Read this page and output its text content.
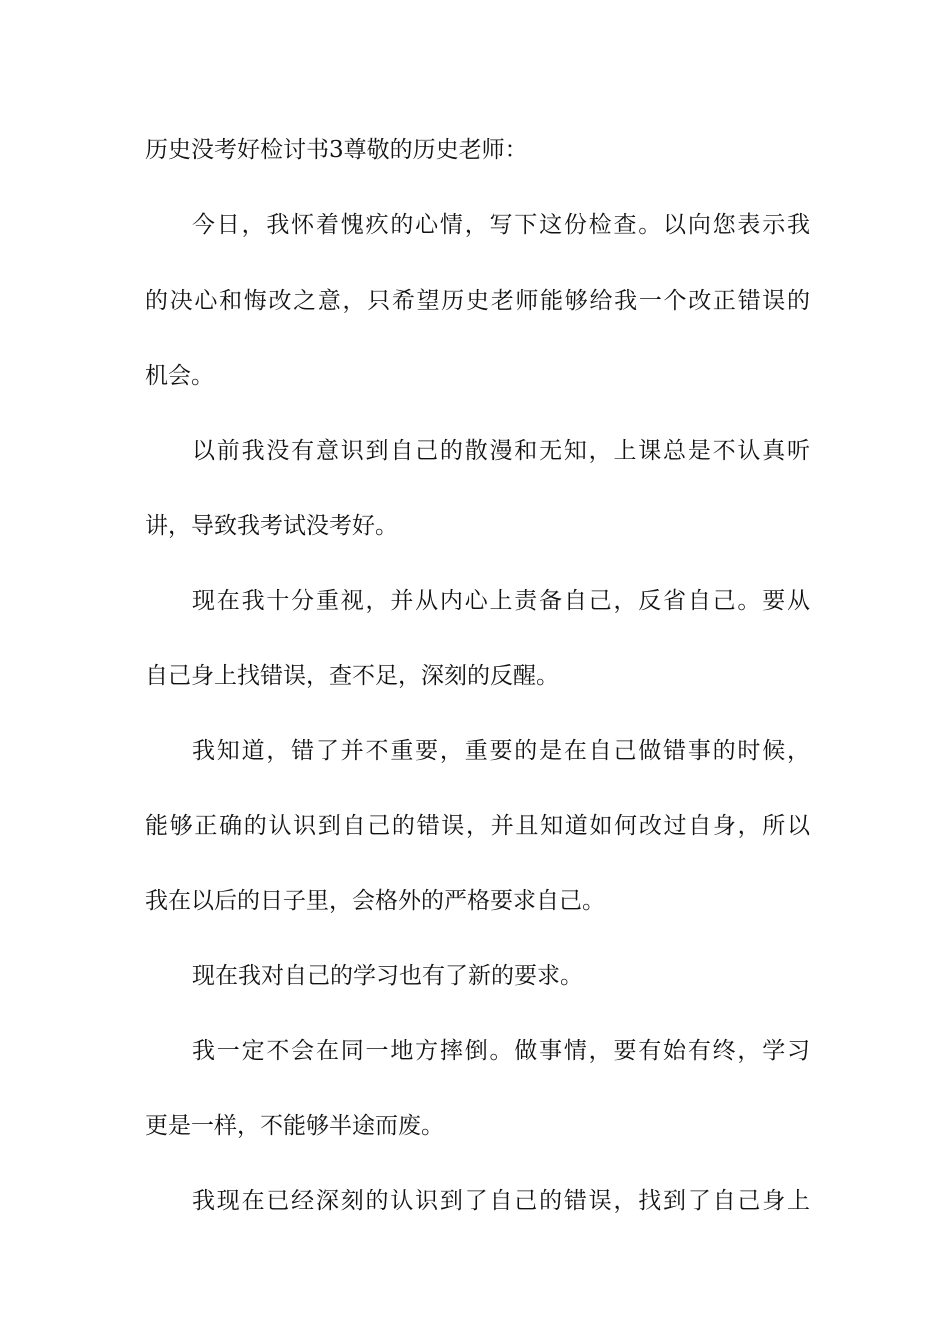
历史没考好检讨书3尊敬的历史老师：

今日，我怀着愧疚的心情，写下这份检查。以向您表示我

的决心和悔改之意，只希望历史老师能够给我一个改正错误的

机会。

以前我没有意识到自己的散漫和无知，上课总是不认真听

讲，导致我考试没考好。

现在我十分重视，并从内心上责备自己，反省自己。要从

自己身上找错误，查不足，深刻的反醒。

我知道，错了并不重要，重要的是在自己做错事的时候，

能够正确的认识到自己的错误，并且知道如何改过自身，所以

我在以后的日子里，会格外的严格要求自己。

现在我对自己的学习也有了新的要求。

我一定不会在同一地方摔倒。做事情，要有始有终，学习

更是一样，不能够半途而废。

我现在已经深刻的认识到了自己的错误，找到了自己身上
